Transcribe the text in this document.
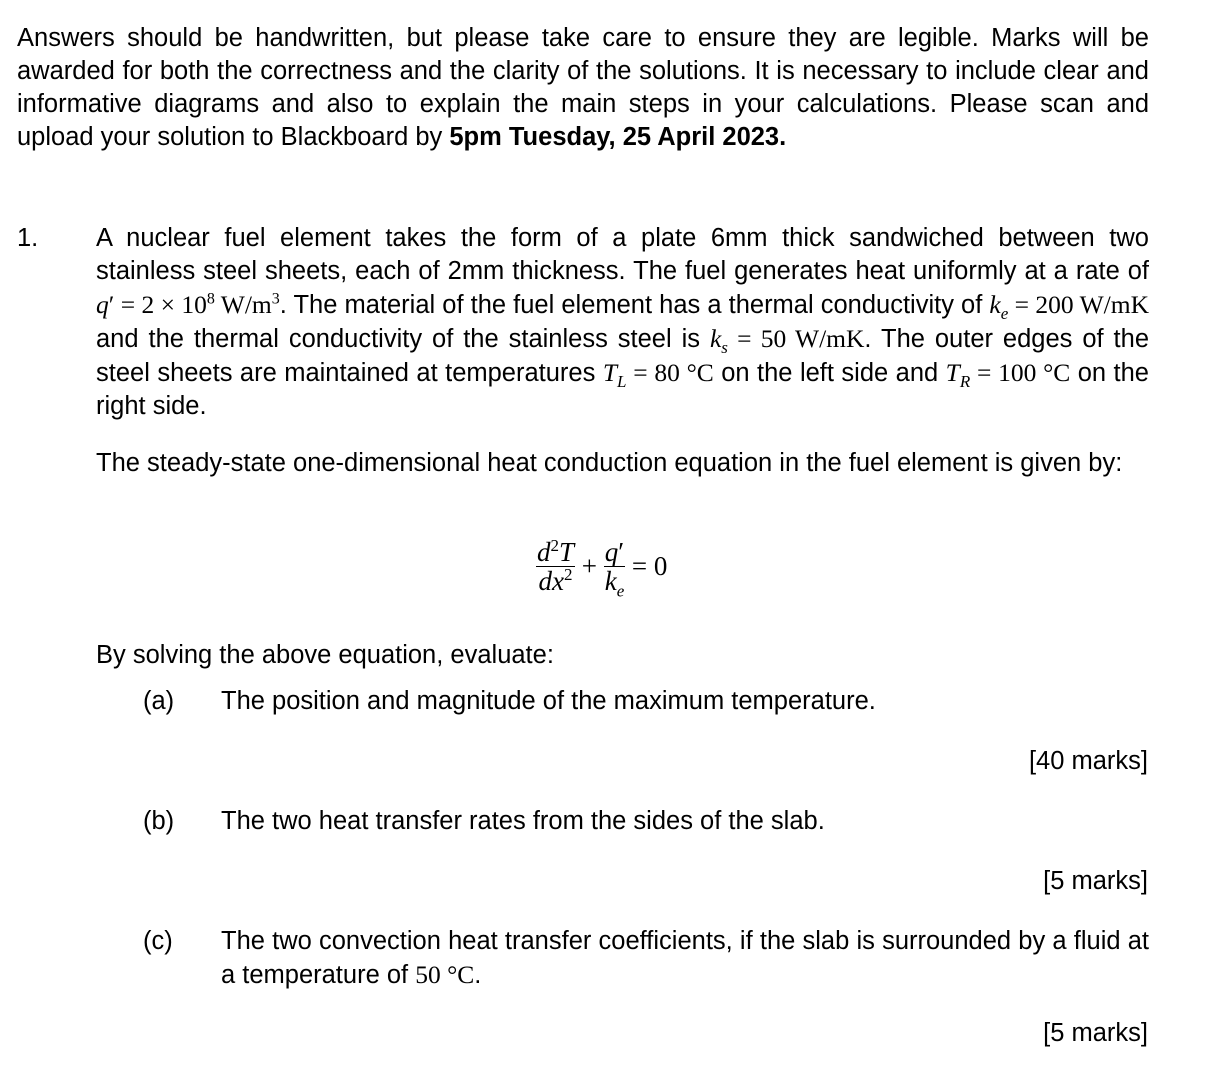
Answers should be handwritten, but please take care to ensure they are legible. Marks will be awarded for both the correctness and the clarity of the solutions. It is necessary to include clear and informative diagrams and also to explain the main steps in your calculations. Please scan and upload your solution to Blackboard by 5pm Tuesday, 25 April 2023.
1. A nuclear fuel element takes the form of a plate 6mm thick sandwiched between two stainless steel sheets, each of 2mm thickness. The fuel generates heat uniformly at a rate of $q' = 2 \times 10^8$ $W/m^3$. The material of the fuel element has a thermal conductivity of $k_e = 200$ W/mK and the thermal conductivity of the stainless steel is $k_s = 50$ W/mK. The outer edges of the steel sheets are maintained at temperatures $T_L = 80$ °C on the left side and $T_R = 100$ °C on the right side.
The steady-state one-dimensional heat conduction equation in the fuel element is given by:
$\frac{d^2T}{dx^2} + \frac{q'}{k_e} = 0$
By solving the above equation, evaluate:
(a) The position and magnitude of the maximum temperature.
[40 marks]
(b) The two heat transfer rates from the sides of the slab.
[5 marks]
(c) The two convection heat transfer coefficients, if the slab is surrounded by a fluid at a temperature of 50 °C.
[5 marks]
